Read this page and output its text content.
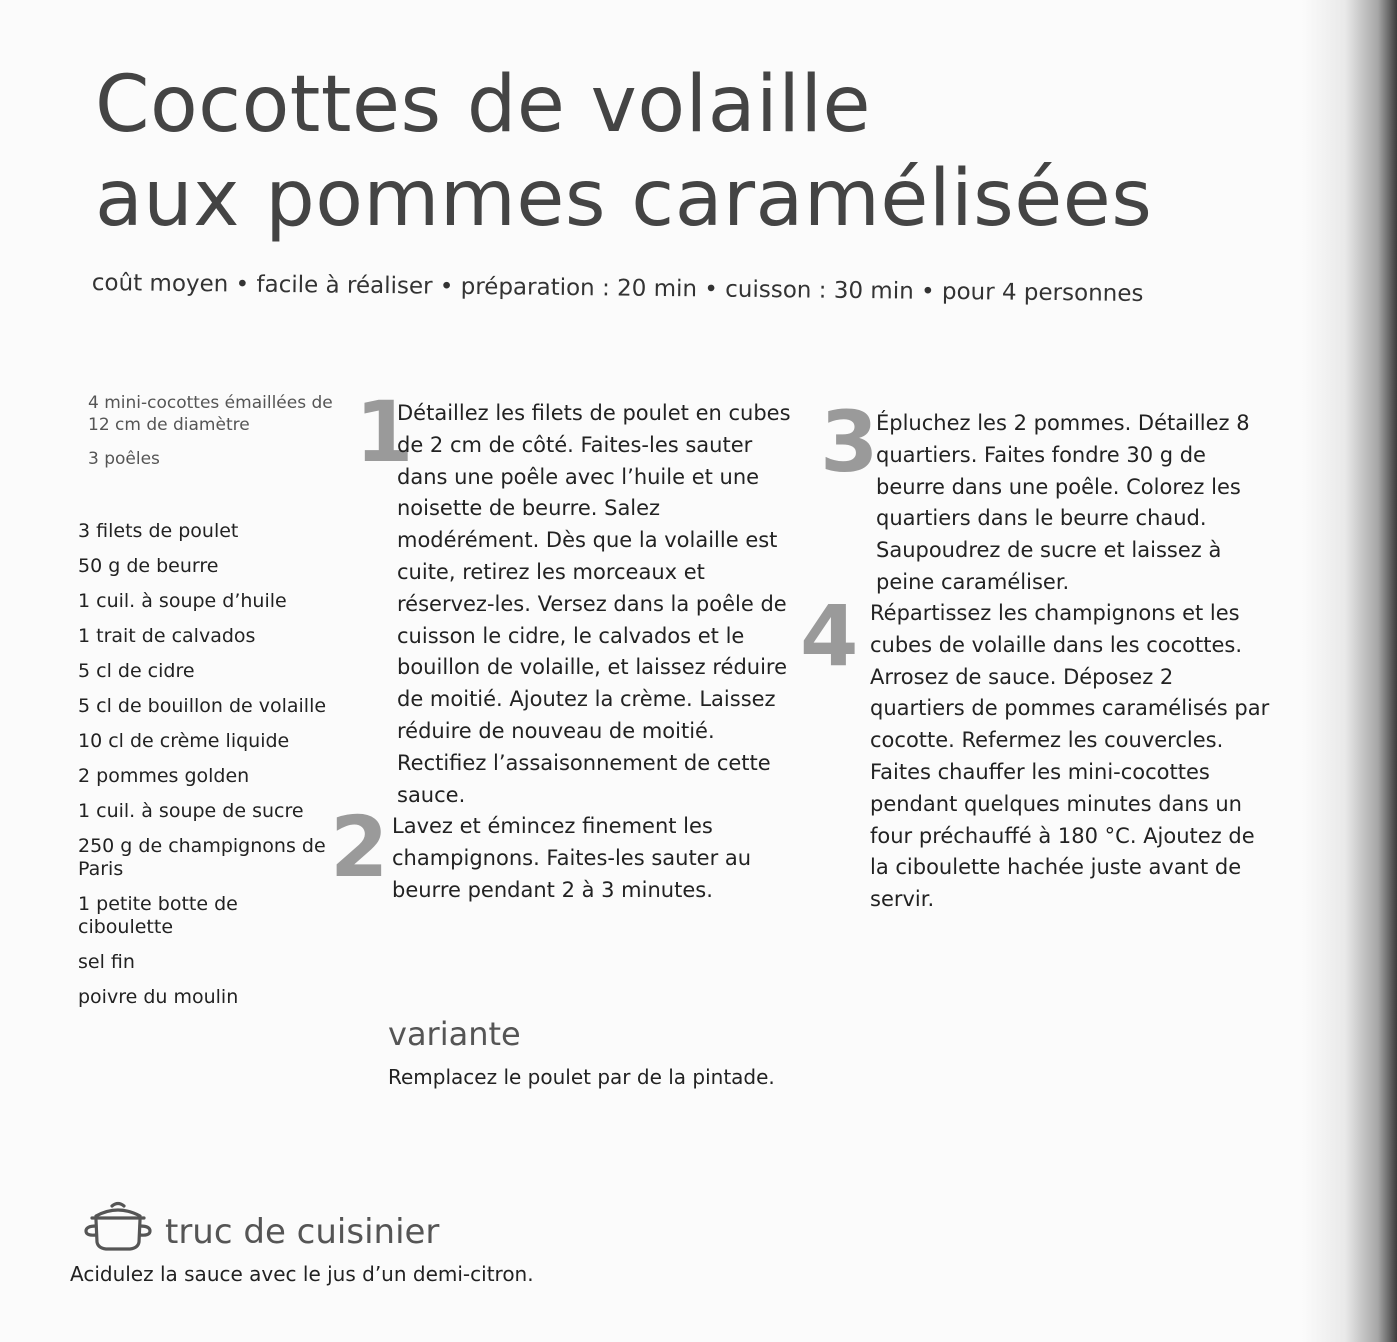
Cocottes de volaille
aux pommes caramélisées
coût moyen • facile à réaliser • préparation : 20 min • cuisson : 30 min • pour 4 personnes
4 mini-cocottes émaillées de 12 cm de diamètre
3 poêles
3 filets de poulet
50 g de beurre
1 cuil. à soupe d’huile
1 trait de calvados
5 cl de cidre
5 cl de bouillon de volaille
10 cl de crème liquide
2 pommes golden
1 cuil. à soupe de sucre
250 g de champignons de Paris
1 petite botte de ciboulette
sel fin
poivre du moulin
1

Détaillez les filets de poulet en cubes de 2 cm de côté. Faites-les sauter dans une poêle avec l’huile et une noisette de beurre. Salez modérément. Dès que la volaille est cuite, retirez les morceaux et réservez-les. Versez dans la poêle de cuisson le cidre, le calvados et le bouillon de volaille, et laissez réduire de moitié. Ajoutez la crème. Laissez réduire de nouveau de moitié. Rectifiez l’assaisonnement de cette sauce.

2 Lavez et émincez finement les champignons. Faites-les sauter au beurre pendant 2 à 3 minutes.

3

Épluchez les 2 pommes. Détaillez 8 quartiers. Faites fondre 30 g de beurre dans une poêle. Colorez les quartiers dans le beurre chaud. Saupoudrez de sucre et laissez à peine caraméliser.

4 Répartissez les champignons et les cubes de volaille dans les cocottes. Arrosez de sauce. Déposez 2 quartiers de pommes caramélisés par cocotte. Refermez les couvercles. Faites chauffer les mini-cocottes pendant quelques minutes dans un four préchauffé à 180 °C. Ajoutez de la ciboulette hachée juste avant de servir.

variante

Remplacez le poulet par de la pintade.

truc de cuisinier

Acidulez la sauce avec le jus d’un demi-citron.
